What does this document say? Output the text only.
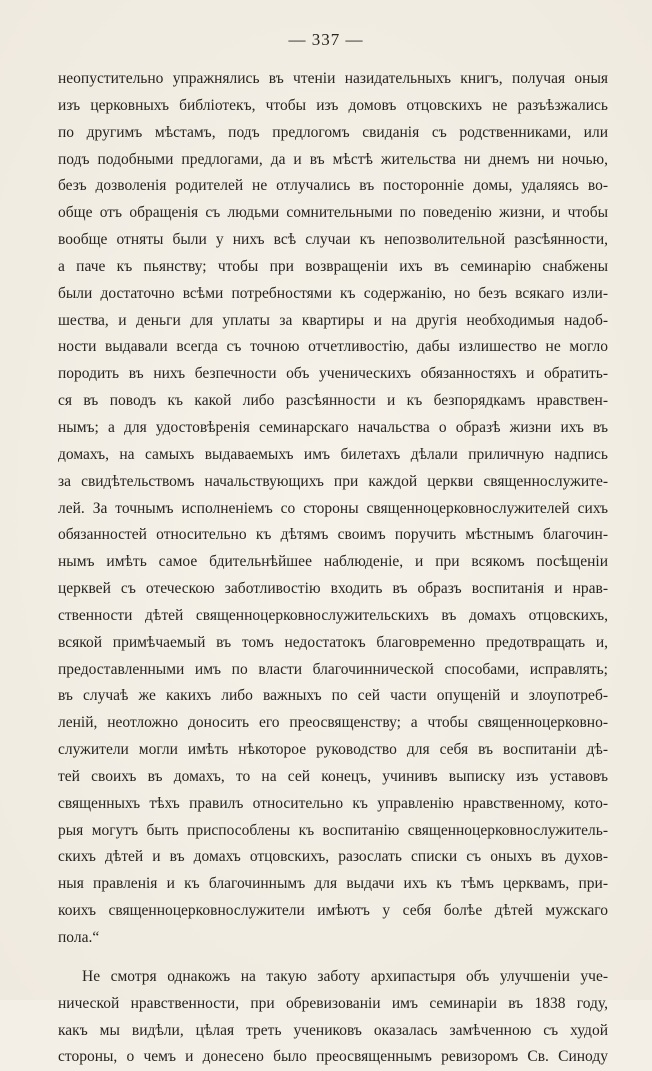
— 337 —
неопустительно упражнялись въ чтенiи назидательныхъ книгъ, получая оныя
изъ церковныхъ библiотекъ, чтобы изъ домовъ отцовскихъ не разъѣзжались
по другимъ мѣстамъ, подъ предлогомъ свиданiя съ родственниками, или
подъ подобными предлогами, да и въ мѣстѣ жительства ни днемъ ни ночью,
безъ дозволенiя родителей не отлучались въ постороннiе домы, удаляясь во-
обще отъ обращенiя съ людьми сомнительными по поведенiю жизни, и чтобы
вообще отняты были у нихъ всѣ случаи къ непозволительной разсѣянности,
а паче къ пьянству; чтобы при возвращенiи ихъ въ семинарiю снабжены
были достаточно всѣми потребностями къ содержанiю, но безъ всякаго изли-
шества, и деньги для уплаты за квартиры и на другiя необходимыя надоб-
ности выдавали всегда съ точною отчетливостiю, дабы излишество не могло
породить въ нихъ безпечности объ ученическихъ обязанностяхъ и обратить-
ся въ поводъ къ какой либо разсѣянности и къ безпорядкамъ нравствен-
нымъ; а для удостовѣренiя семинарскаго начальства о образѣ жизни ихъ въ
домахъ, на самыхъ выдаваемыхъ имъ билетахъ дѣлали приличную надпись
за свидѣтельствомъ начальствующихъ при каждой церкви священнослужите-
лей. За точнымъ исполненiемъ со стороны священноцерковнослужителей сихъ
обязанностей относительно къ дѣтямъ своимъ поручить мѣстнымъ благочин-
нымъ имѣть самое бдительнѣйшее наблюденiе, и при всякомъ посѣщенiи
церквей съ отеческою заботливостiю входить въ образъ воспитанiя и нрав-
ственности дѣтей священноцерковнослужительскихъ въ домахъ отцовскихъ,
всякой примѣчаемый въ томъ недостатокъ благовременно предотвращать и,
предоставленными имъ по власти благочиннической способами, исправлять;
въ случаѣ же какихъ либо важныхъ по сей части опущенiй и злоупотреб-
ленiй, неотложно доносить его преосвященству; а чтобы священноцерковно-
служители могли имѣть нѣкоторое руководство для себя въ воспитанiи дѣ-
тей своихъ въ домахъ, то на сей конецъ, учинивъ выписку изъ уставовъ
священныхъ тѣхъ правилъ относительно къ управленiю нравственному, кото-
рыя могутъ быть приспособлены къ воспитанiю священноцерковнослужитель-
скихъ дѣтей и въ домахъ отцовскихъ, разослать списки съ оныхъ въ духов-
ныя правленiя и къ благочиннымъ для выдачи ихъ къ тѣмъ церквамъ, при-
коихъ священноцерковнослужители имѣютъ у себя болѣе дѣтей мужскаго
пола.“
Не смотря однакожъ на такую заботу архипастыря объ улучшенiи уче-
нической нравственности, при обревизованiи имъ семинарiи въ 1838 году,
какъ мы видѣли, цѣлая треть учениковъ оказалась замѣченною съ худой
стороны, о чемъ и донесено было преосвященнымъ ревизоромъ Св. Синоду
